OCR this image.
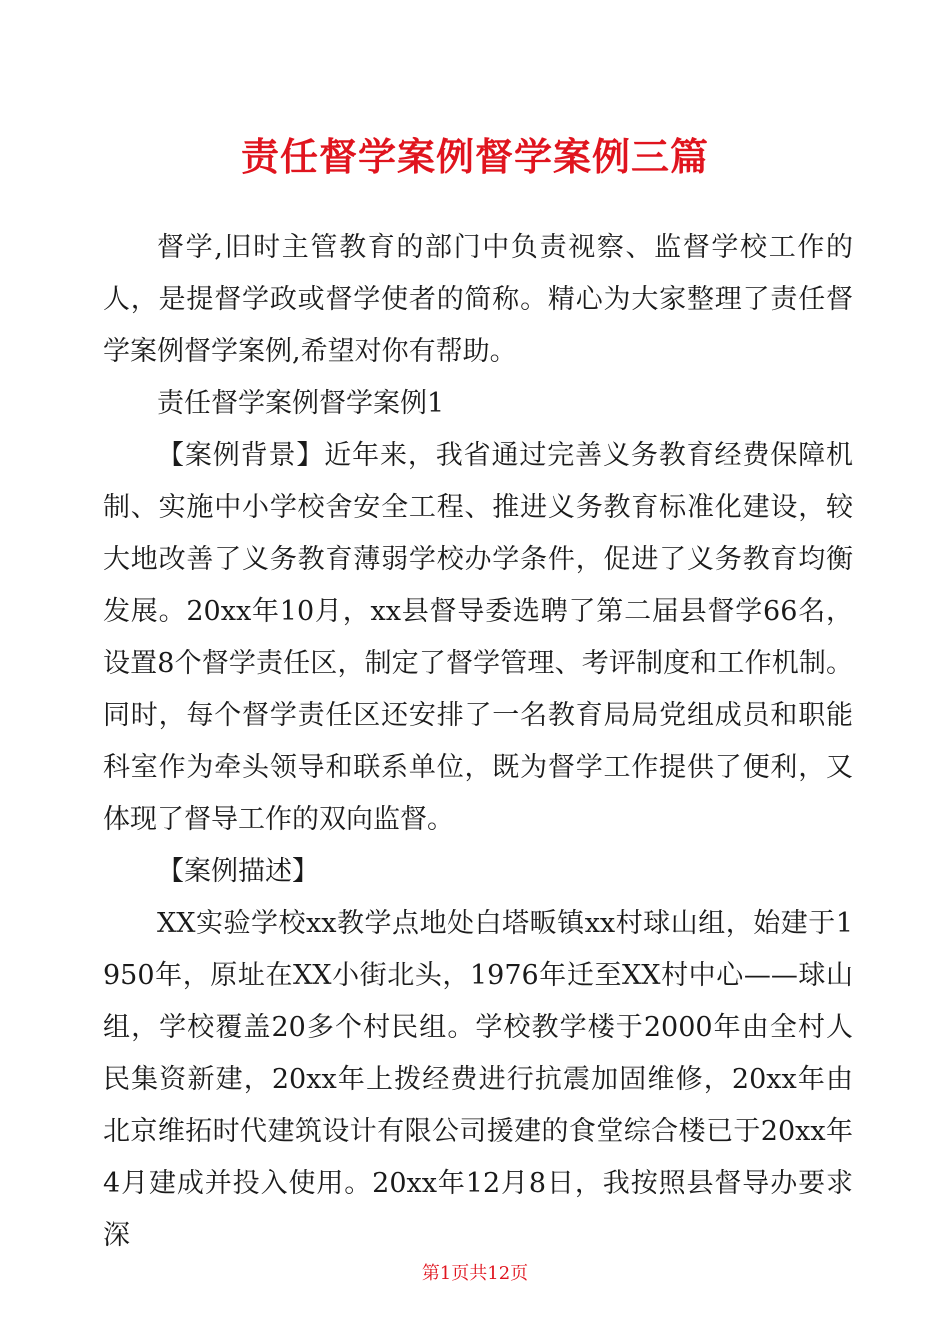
责任督学案例督学案例三篇

督学,旧时主管教育的部门中负责视察、监督学校工作的人，是提督学政或督学使者的简称。精心为大家整理了责任督学案例督学案例,希望对你有帮助。

责任督学案例督学案例1

【案例背景】近年来，我省通过完善义务教育经费保障机制、实施中小学校舍安全工程、推进义务教育标准化建设，较大地改善了义务教育薄弱学校办学条件，促进了义务教育均衡发展。20xx年10月，xx县督导委选聘了第二届县督学66名，设置8个督学责任区，制定了督学管理、考评制度和工作机制。同时，每个督学责任区还安排了一名教育局局党组成员和职能科室作为牵头领导和联系单位，既为督学工作提供了便利，又体现了督导工作的双向监督。

【案例描述】

XX实验学校xx教学点地处白塔畈镇xx村球山组，始建于1950年，原址在XX小街北头，1976年迁至XX村中心——球山组，学校覆盖20多个村民组。学校教学楼于2000年由全村人民集资新建，20xx年上拨经费进行抗震加固维修，20xx年由北京维拓时代建筑设计有限公司援建的食堂综合楼已于20xx年4月建成并投入使用。20xx年12月8日，我按照县督导办要求深

第1页共12页
